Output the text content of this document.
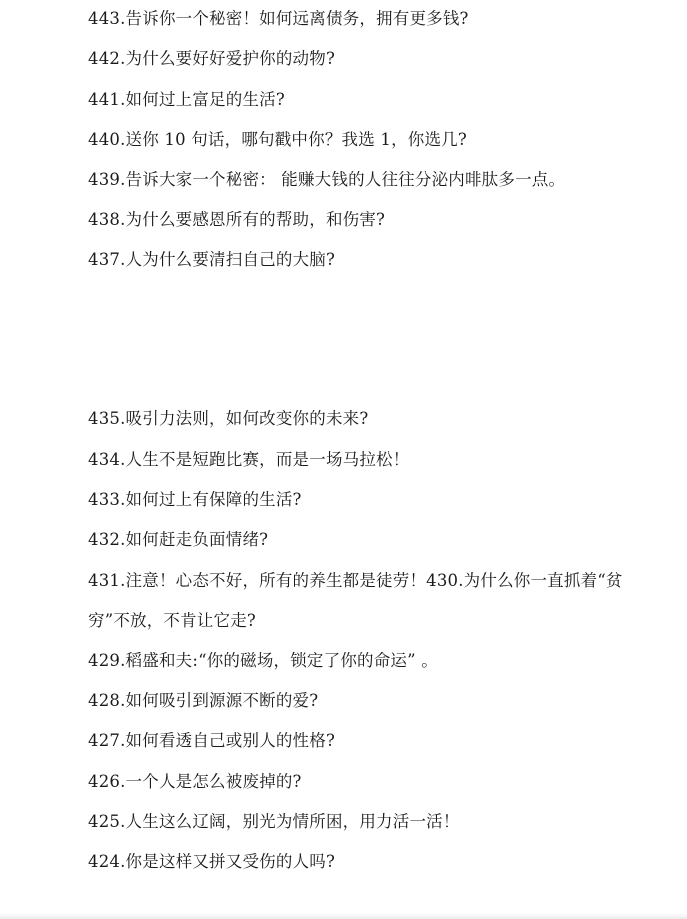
443.告诉你一个秘密！如何远离债务，拥有更多钱?
442.为什么要好好爱护你的动物?
441.如何过上富足的生活?
440.送你 10 句话，哪句戳中你？我选 1，你选几?
439.告诉大家一个秘密： 能赚大钱的人往往分泌内啡肽多一点。
438.为什么要感恩所有的帮助，和伤害?
437.人为什么要清扫自己的大脑?
435.吸引力法则，如何改变你的未来?
434.人生不是短跑比赛，而是一场马拉松！
433.如何过上有保障的生活?
432.如何赶走负面情绪?
431.注意！心态不好，所有的养生都是徒劳！430.为什么你一直抓着“贫
穷”不放，不肯让它走?
429.稻盛和夫:“你的磁场，锁定了你的命运” 。
428.如何吸引到源源不断的爱?
427.如何看透自己或别人的性格?
426.一个人是怎么被废掉的?
425.人生这么辽阔，别光为情所困，用力活一活！
424.你是这样又拼又受伤的人吗?
